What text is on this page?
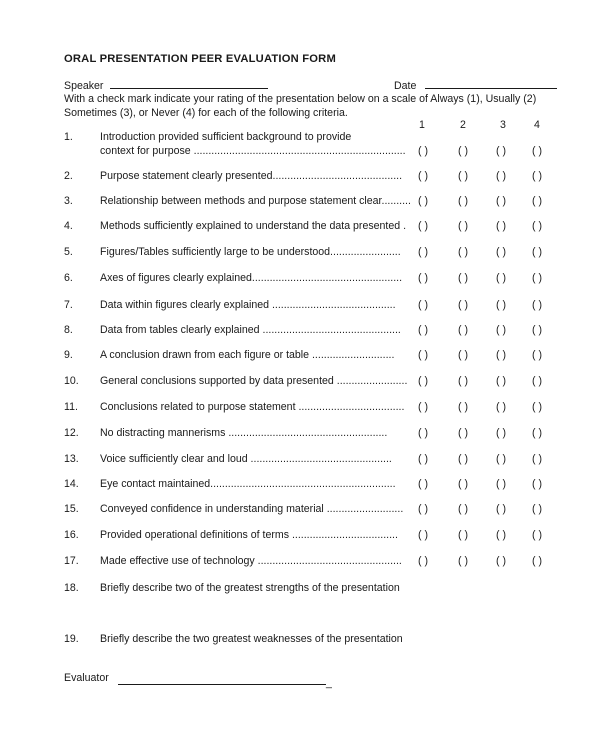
ORAL PRESENTATION PEER EVALUATION FORM
Speaker	Date
With a check mark indicate your rating of the presentation below on a scale of Always (1), Usually (2)
Sometimes (3), or Never (4) for each of the following criteria.
1	2	3	4
1.	Introduction provided sufficient background to provide
context for purpose ........................................................................	( )	( )	( ) ( )
2.	Purpose statement clearly presented............................................	( )	( )	( ) ( )
3.	Relationship between methods and purpose statement clear.......... ( )	( )	( ) ( )
4.	Methods sufficiently explained to understand the data presented .	( )	( )	( ) ( )
5.	Figures/Tables sufficiently large to be understood........................	( )	( )	( ) ( )
6.	Axes of figures clearly explained...................................................	( )	( )	( ) ( )
7.	Data within figures clearly explained ..........................................	( )	( )	( ) ( )
8.	Data from tables clearly explained ...............................................	( )	( )	( ) ( )
9.	A conclusion drawn from each figure or table ............................	( )	( )	( ) ( )
10.	General conclusions supported by data presented ........................	( )	( )	( ) ( )
11.	Conclusions related to purpose statement ....................................	( )	( )	( ) ( )
12.	No distracting mannerisms ......................................................	( )	( )	( ) ( )
13.	Voice sufficiently clear and loud ................................................	( )	( )	( ) ( )
14.	Eye contact maintained...............................................................	( )	( )	( ) ( )
15.	Conveyed confidence in understanding material ..........................	( )	( )	( ) ( )
16.	Provided operational definitions of terms ....................................	( )	( )	( ) ( )
17.	Made effective use of technology .................................................	( )	( )	( ) ( )
18.	Briefly describe two of the greatest strengths of the presentation
19.	Briefly describe the two greatest weaknesses of the presentation
Evaluator	_
